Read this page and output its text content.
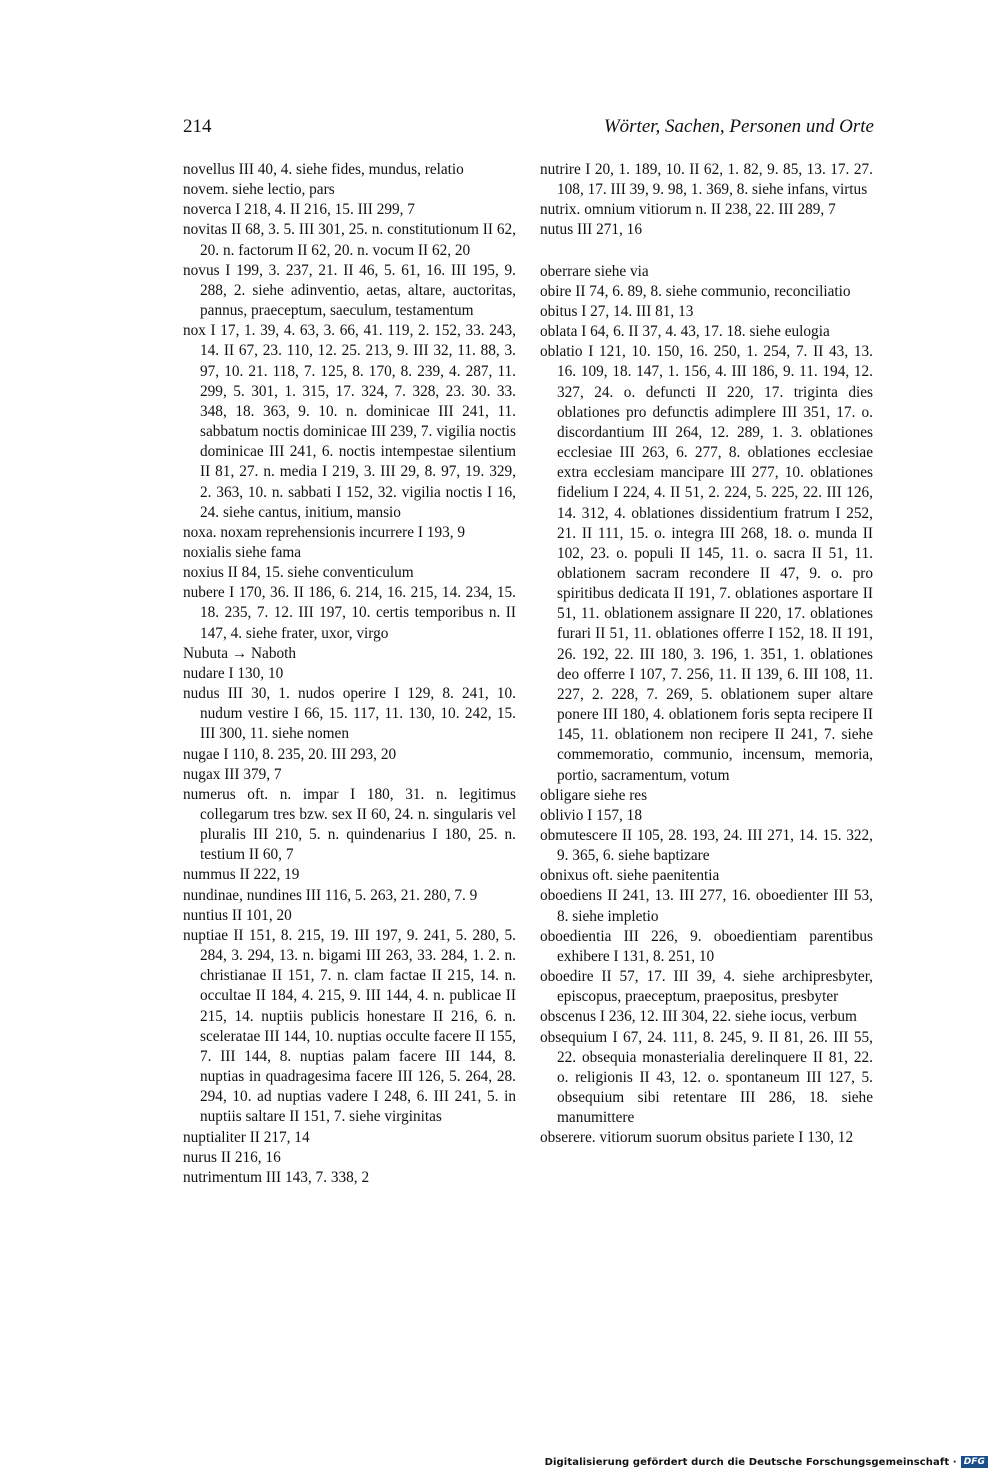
214	Wörter, Sachen, Personen und Orte
novellus III 40, 4. siehe fides, mundus, relatio
novem. siehe lectio, pars
noverca I 218, 4. II 216, 15. III 299, 7
novitas II 68, 3. 5. III 301, 25. n. constitutionum II 62, 20. n. factorum II 62, 20. n. vocum II 62, 20
novus I 199, 3. 237, 21. II 46, 5. 61, 16. III 195, 9. 288, 2. siehe adinventio, aetas, altare, auctoritas, pannus, praeceptum, saeculum, testamentum
nox I 17, 1. 39, 4. 63, 3. 66, 41. 119, 2. 152, 33. 243, 14. II 67, 23. 110, 12. 25. 213, 9. III 32, 11. 88, 3. 97, 10. 21. 118, 7. 125, 8. 170, 8. 239, 4. 287, 11. 299, 5. 301, 1. 315, 17. 324, 7. 328, 23. 30. 33. 348, 18. 363, 9. 10. n. dominicae III 241, 11. sabbatum noctis dominicae III 239, 7. vigilia noctis dominicae III 241, 6. noctis intempestae silentium II 81, 27. n. media I 219, 3. III 29, 8. 97, 19. 329, 2. 363, 10. n. sabbati I 152, 32. vigilia noctis I 16, 24. siehe cantus, initium, mansio
noxa. noxam reprehensionis incurrere I 193, 9
noxialis siehe fama
noxius II 84, 15. siehe conventiculum
nubere I 170, 36. II 186, 6. 214, 16. 215, 14. 234, 15. 18. 235, 7. 12. III 197, 10. certis temporibus n. II 147, 4. siehe frater, uxor, virgo
Nubuta → Naboth
nudare I 130, 10
nudus III 30, 1. nudos operire I 129, 8. 241, 10. nudum vestire I 66, 15. 117, 11. 130, 10. 242, 15. III 300, 11. siehe nomen
nugae I 110, 8. 235, 20. III 293, 20
nugax III 379, 7
numerus oft. n. impar I 180, 31. n. legitimus collegarum tres bzw. sex II 60, 24. n. singularis vel pluralis III 210, 5. n. quindenarius I 180, 25. n. testium II 60, 7
nummus II 222, 19
nundinae, nundines III 116, 5. 263, 21. 280, 7. 9
nuntius II 101, 20
nuptiae II 151, 8. 215, 19. III 197, 9. 241, 5. 280, 5. 284, 3. 294, 13. n. bigami III 263, 33. 284, 1. 2. n. christianae II 151, 7. n. clam factae II 215, 14. n. occultae II 184, 4. 215, 9. III 144, 4. n. publicae II 215, 14. nuptiis publicis honestare II 216, 6. n. sceleratae III 144, 10. nuptias occulte facere II 155, 7. III 144, 8. nuptias palam facere III 144, 8. nuptias in quadragesima facere III 126, 5. 264, 28. 294, 10. ad nuptias vadere I 248, 6. III 241, 5. in nuptiis saltare II 151, 7. siehe virginitas
nuptialiter II 217, 14
nurus II 216, 16
nutrimentum III 143, 7. 338, 2
nutrire I 20, 1. 189, 10. II 62, 1. 82, 9. 85, 13. 17. 27. 108, 17. III 39, 9. 98, 1. 369, 8. siehe infans, virtus
nutrix. omnium vitiorum n. II 238, 22. III 289, 7
nutus III 271, 16
oberrare siehe via
obire II 74, 6. 89, 8. siehe communio, reconciliatio
obitus I 27, 14. III 81, 13
oblata I 64, 6. II 37, 4. 43, 17. 18. siehe eulogia
oblatio I 121, 10. 150, 16. 250, 1. 254, 7. II 43, 13. 16. 109, 18. 147, 1. 156, 4. III 186, 9. 11. 194, 12. 327, 24. o. defuncti II 220, 17. triginta dies oblationes pro defunctis adimplere III 351, 17. o. discordantium III 264, 12. 289, 1. 3. oblationes ecclesiae III 263, 6. 277, 8. oblationes ecclesiae extra ecclesiam mancipare III 277, 10. oblationes fidelium I 224, 4. II 51, 2. 224, 5. 225, 22. III 126, 14. 312, 4. oblationes dissidentium fratrum I 252, 21. II 111, 15. o. integra III 268, 18. o. munda II 102, 23. o. populi II 145, 11. o. sacra II 51, 11. oblationem sacram recondere II 47, 9. o. pro spiritibus dedicata II 191, 7. oblationes asportare II 51, 11. oblationem assignare II 220, 17. oblationes furari II 51, 11. oblationes offerre I 152, 18. II 191, 26. 192, 22. III 180, 3. 196, 1. 351, 1. oblationes deo offerre I 107, 7. 256, 11. II 139, 6. III 108, 11. 227, 2. 228, 7. 269, 5. oblationem super altare ponere III 180, 4. oblationem foris septa recipere II 145, 11. oblationem non recipere II 241, 7. siehe commemoratio, communio, incensum, memoria, portio, sacramentum, votum
obligare siehe res
oblivio I 157, 18
obmutescere II 105, 28. 193, 24. III 271, 14. 15. 322, 9. 365, 6. siehe baptizare
obnixus oft. siehe paenitentia
oboediens II 241, 13. III 277, 16. oboedienter III 53, 8. siehe impletio
oboedientia III 226, 9. oboedientiam parentibus exhibere I 131, 8. 251, 10
oboedire II 57, 17. III 39, 4. siehe archipresbyter, episcopus, praeceptum, praepositus, presbyter
obscenus I 236, 12. III 304, 22. siehe iocus, verbum
obsequium I 67, 24. 111, 8. 245, 9. II 81, 26. III 55, 22. obsequia monasterialia derelinquere II 81, 22. o. religionis II 43, 12. o. spontaneum III 127, 5. obsequium sibi retentare III 286, 18. siehe manumittere
obserere. vitiorum suorum obsitus pariete I 130, 12
Digitalisierung gefördert durch die Deutsche Forschungsgemeinschaft · DFG
